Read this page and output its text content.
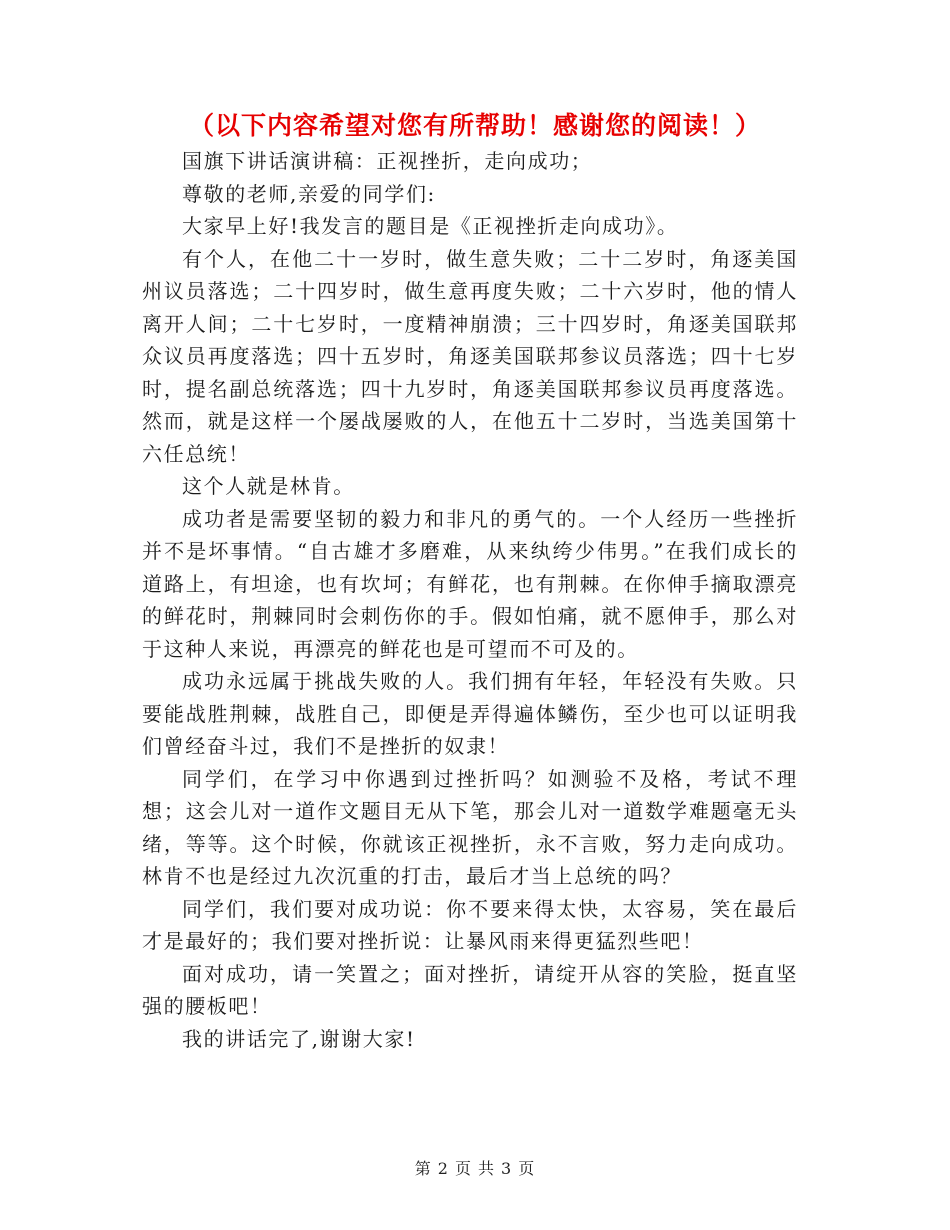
（以下内容希望对您有所帮助！感谢您的阅读！）

国旗下讲话演讲稿：正视挫折，走向成功；

尊敬的老师,亲爱的同学们:

大家早上好!我发言的题目是《正视挫折走向成功》。

有个人，在他二十一岁时，做生意失败；二十二岁时，角逐美国州议员落选；二十四岁时，做生意再度失败；二十六岁时，他的情人离开人间；二十七岁时，一度精神崩溃；三十四岁时，角逐美国联邦众议员再度落选；四十五岁时，角逐美国联邦参议员落选；四十七岁时，提名副总统落选；四十九岁时，角逐美国联邦参议员再度落选。然而，就是这样一个屡战屡败的人，在他五十二岁时，当选美国第十六任总统！

这个人就是林肯。

成功者是需要坚韧的毅力和非凡的勇气的。一个人经历一些挫折并不是坏事情。“自古雄才多磨难，从来纨绔少伟男。”在我们成长的道路上，有坦途，也有坎坷；有鲜花，也有荆棘。在你伸手摘取漂亮的鲜花时，荆棘同时会刺伤你的手。假如怕痛，就不愿伸手，那么对于这种人来说，再漂亮的鲜花也是可望而不可及的。

成功永远属于挑战失败的人。我们拥有年轻，年轻没有失败。只要能战胜荆棘，战胜自己，即便是弄得遍体鳞伤，至少也可以证明我们曾经奋斗过，我们不是挫折的奴隶！

同学们，在学习中你遇到过挫折吗？如测验不及格，考试不理想；这会儿对一道作文题目无从下笔，那会儿对一道数学难题毫无头绪，等等。这个时候，你就该正视挫折，永不言败，努力走向成功。林肯不也是经过九次沉重的打击，最后才当上总统的吗？

同学们，我们要对成功说：你不要来得太快，太容易，笑在最后才是最好的；我们要对挫折说：让暴风雨来得更猛烈些吧！

面对成功，请一笑置之；面对挫折，请绽开从容的笑脸，挺直坚强的腰板吧！

我的讲话完了,谢谢大家!

第 2 页 共 3 页
